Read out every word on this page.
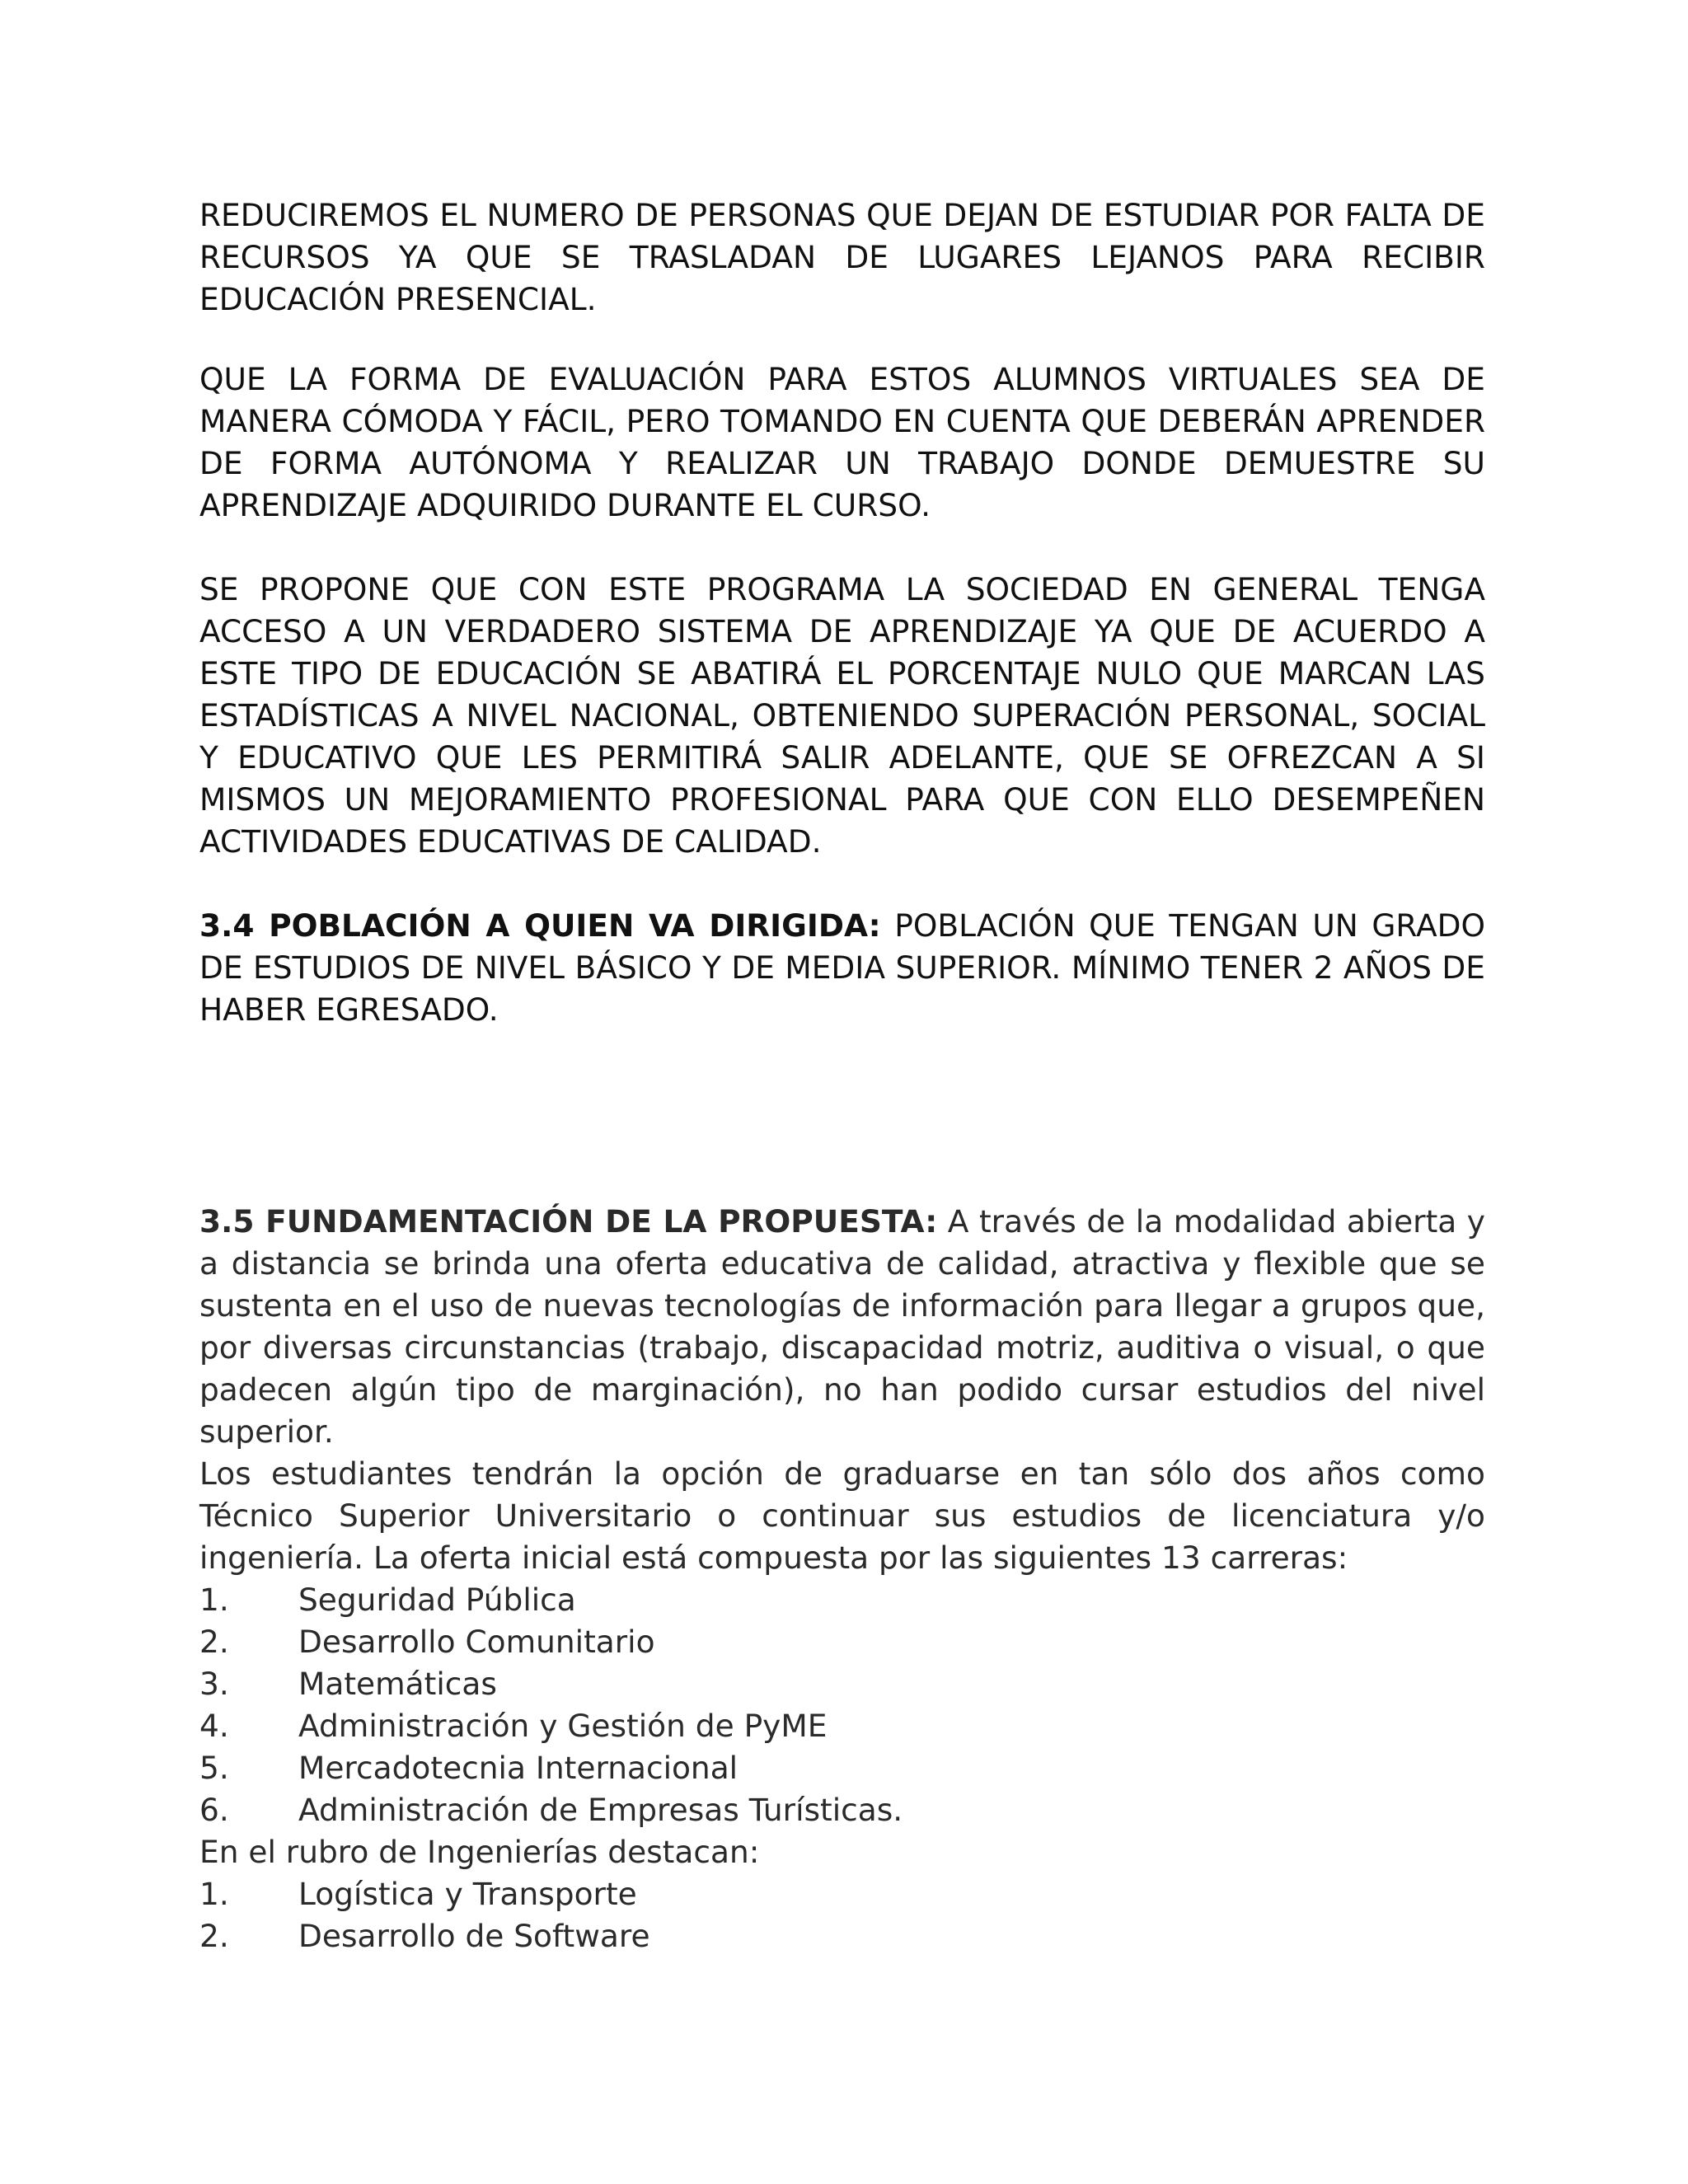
REDUCIREMOS EL NUMERO DE PERSONAS QUE DEJAN DE ESTUDIAR POR FALTA DE RECURSOS YA QUE SE TRASLADAN DE LUGARES LEJANOS PARA RECIBIR EDUCACIÓN PRESENCIAL.

QUE LA FORMA DE EVALUACIÓN PARA ESTOS ALUMNOS VIRTUALES SEA DE MANERA CÓMODA Y FÁCIL, PERO TOMANDO EN CUENTA QUE DEBERÁN APRENDER DE FORMA AUTÓNOMA Y REALIZAR UN TRABAJO DONDE DEMUESTRE SU APRENDIZAJE ADQUIRIDO DURANTE EL CURSO.

SE PROPONE QUE CON ESTE PROGRAMA LA SOCIEDAD EN GENERAL TENGA ACCESO A UN VERDADERO SISTEMA DE APRENDIZAJE YA QUE DE ACUERDO A ESTE TIPO DE EDUCACIÓN SE ABATIRÁ EL PORCENTAJE NULO QUE MARCAN LAS ESTADÍSTICAS A NIVEL NACIONAL, OBTENIENDO SUPERACIÓN PERSONAL, SOCIAL Y EDUCATIVO QUE LES PERMITIRÁ SALIR ADELANTE, QUE SE OFREZCAN A SI MISMOS UN MEJORAMIENTO PROFESIONAL PARA QUE CON ELLO DESEMPEÑEN ACTIVIDADES EDUCATIVAS DE CALIDAD.

3.4 POBLACIÓN A QUIEN VA DIRIGIDA: POBLACIÓN QUE TENGAN UN GRADO DE ESTUDIOS DE NIVEL BÁSICO Y DE MEDIA SUPERIOR. MÍNIMO TENER 2 AÑOS DE HABER EGRESADO.

3.5 FUNDAMENTACIÓN DE LA PROPUESTA: A través de la modalidad abierta y a distancia se brinda una oferta educativa de calidad, atractiva y flexible que se sustenta en el uso de nuevas tecnologías de información para llegar a grupos que, por diversas circunstancias (trabajo, discapacidad motriz, auditiva o visual, o que padecen algún tipo de marginación), no han podido cursar estudios del nivel superior.

Los estudiantes tendrán la opción de graduarse en tan sólo dos años como Técnico Superior Universitario o continuar sus estudios de licenciatura y/o ingeniería. La oferta inicial está compuesta por las siguientes 13 carreras:

1.	Seguridad Pública
2.	Desarrollo Comunitario
3.	Matemáticas
4.	Administración y Gestión de PyME
5.	Mercadotecnia Internacional
6.	Administración de Empresas Turísticas.

En el rubro de Ingenierías destacan:

1.	Logística y Transporte
2.	Desarrollo de Software
